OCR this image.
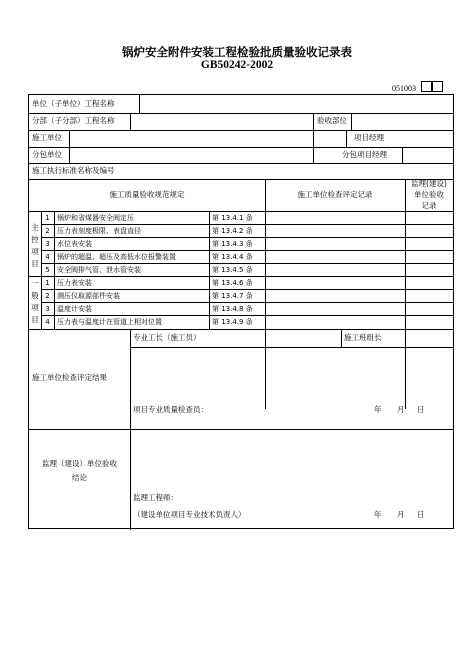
锅炉安全附件安装工程检验批质量验收记录表
GB50242-2002
051003
单位（子单位）工程名称
分部（子分部）工程名称	验收部位
施工单位	项目经理
分包单位	分包项目经理
施工执行标准名称及编号
施工质量验收规范规定	施工单位检查评定记录
监理(建设)
单位验收
记录
主
控
项
目
1	锅炉和省煤器安全阀定压	第 13.4.1 条
2	压力表刻度极限、表盘直径	第 13.4.2 条
3	水位表安装	第 13.4.3 条
4	锅炉的超温、超压及高低水位报警装置	第 13.4.4 条
5	安全阀排气管、泄水管安装	第 13.4.5 条
一
般
项
目
1	压力表安装	第 13.4.6 条
2	测压仪取源部件安装	第 13.4.7 条
3	温度计安装	第 13.4.8 条
4	压力表与温度计在管道上相对位置	第 13.4.9 条
专业工长（施工员）	施工班组长
施工单位检查评定结果
项目专业质量检查员：	年 月 日
监理（建设）单位验收
结论
监理工程师：
（建设单位项目专业技术负责人）	年 月 日
